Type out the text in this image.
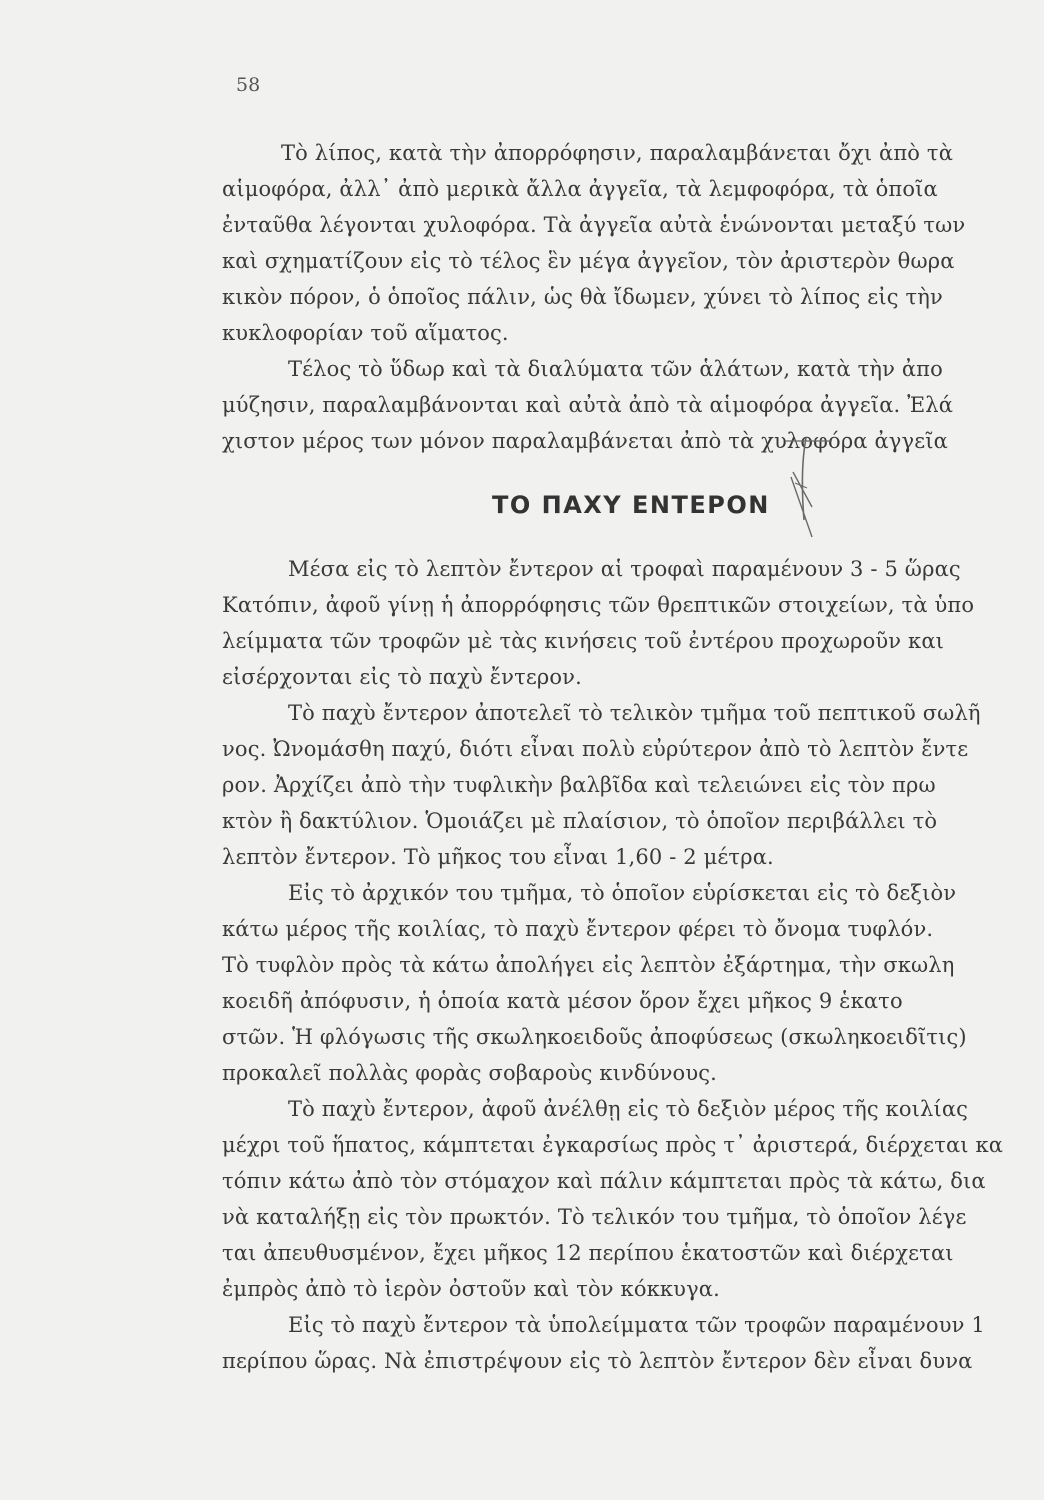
58

Τὸ λίπος, κατὰ τὴν ἀπορρόφησιν, παραλαμβάνεται ὄχι ἀπὸ τὰ

αἱμοφόρα, ἀλλ᾿ ἀπὸ μερικὰ ἄλλα ἀγγεῖα, τὰ λεμφοφόρα, τὰ ὁποῖα

ἐνταῦθα λέγονται χυλοφόρα. Τὰ ἀγγεῖα αὐτὰ ἑνώνονται μεταξύ των

καὶ σχηματίζουν εἰς τὸ τέλος ἓν μέγα ἀγγεῖον, τὸν ἀριστερὸν θωρα

κικὸν πόρον, ὁ ὁποῖος πάλιν, ὡς θὰ ἴδωμεν, χύνει τὸ λίπος εἰς τὴν

κυκλοφορίαν τοῦ αἵματος.

Τέλος τὸ ὕδωρ καὶ τὰ διαλύματα τῶν ἁλάτων, κατὰ τὴν ἀπο

μύζησιν, παραλαμβάνονται καὶ αὐτὰ ἀπὸ τὰ αἱμοφόρα ἀγγεῖα. Ἐλά

χιστον μέρος των μόνον παραλαμβάνεται ἀπὸ τὰ χυλοφόρα ἀγγεῖα

ΤΟ ΠΑΧΥ ΕΝΤΕΡΟΝ

Μέσα εἰς τὸ λεπτὸν ἔντερον αἱ τροφαὶ παραμένουν 3 - 5 ὥρας

Κατόπιν, ἀφοῦ γίνῃ ἡ ἀπορρόφησις τῶν θρεπτικῶν στοιχείων, τὰ ὑπο

λείμματα τῶν τροφῶν μὲ τὰς κινήσεις τοῦ ἐντέρου προχωροῦν και

εἰσέρχονται εἰς τὸ παχὺ ἔντερον.

Τὸ παχὺ ἔντερον ἀποτελεῖ τὸ τελικὸν τμῆμα τοῦ πεπτικοῦ σωλῆ

νος. Ὠνομάσθη παχύ, διότι εἶναι πολὺ εὐρύτερον ἀπὸ τὸ λεπτὸν ἔντε

ρον. Ἀρχίζει ἀπὸ τὴν τυφλικὴν βαλβῖδα καὶ τελειώνει εἰς τὸν πρω

κτὸν ἢ δακτύλιον. Ὁμοιάζει μὲ πλαίσιον, τὸ ὁποῖον περιβάλλει τὸ

λεπτὸν ἔντερον. Τὸ μῆκος του εἶναι 1,60 - 2 μέτρα.

Εἰς τὸ ἀρχικόν του τμῆμα, τὸ ὁποῖον εὑρίσκεται εἰς τὸ δεξιὸν

κάτω μέρος τῆς κοιλίας, τὸ παχὺ ἔντερον φέρει τὸ ὄνομα τυφλόν.

Τὸ τυφλὸν πρὸς τὰ κάτω ἀπολήγει εἰς λεπτὸν ἐξάρτημα, τὴν σκωλη

κοειδῆ ἀπόφυσιν, ἡ ὁποία κατὰ μέσον ὅρον ἔχει μῆκος 9 ἑκατο

στῶν. Ἡ φλόγωσις τῆς σκωληκοειδοῦς ἀποφύσεως (σκωληκοειδῖτις)

προκαλεῖ πολλὰς φορὰς σοβαροὺς κινδύνους.

Τὸ παχὺ ἔντερον, ἀφοῦ ἀνέλθῃ εἰς τὸ δεξιὸν μέρος τῆς κοιλίας

μέχρι τοῦ ἥπατος, κάμπτεται ἐγκαρσίως πρὸς τ᾿ ἀριστερά, διέρχεται κα

τόπιν κάτω ἀπὸ τὸν στόμαχον καὶ πάλιν κάμπτεται πρὸς τὰ κάτω, δια

νὰ καταλήξῃ εἰς τὸν πρωκτόν. Τὸ τελικόν του τμῆμα, τὸ ὁποῖον λέγε

ται ἀπευθυσμένον, ἔχει μῆκος 12 περίπου ἑκατοστῶν καὶ διέρχεται

ἐμπρὸς ἀπὸ τὸ ἱερὸν ὀστοῦν καὶ τὸν κόκκυγα.

Εἰς τὸ παχὺ ἔντερον τὰ ὑπολείμματα τῶν τροφῶν παραμένουν 1

περίπου ὥρας. Νὰ ἐπιστρέψουν εἰς τὸ λεπτὸν ἔντερον δὲν εἶναι δυνα
